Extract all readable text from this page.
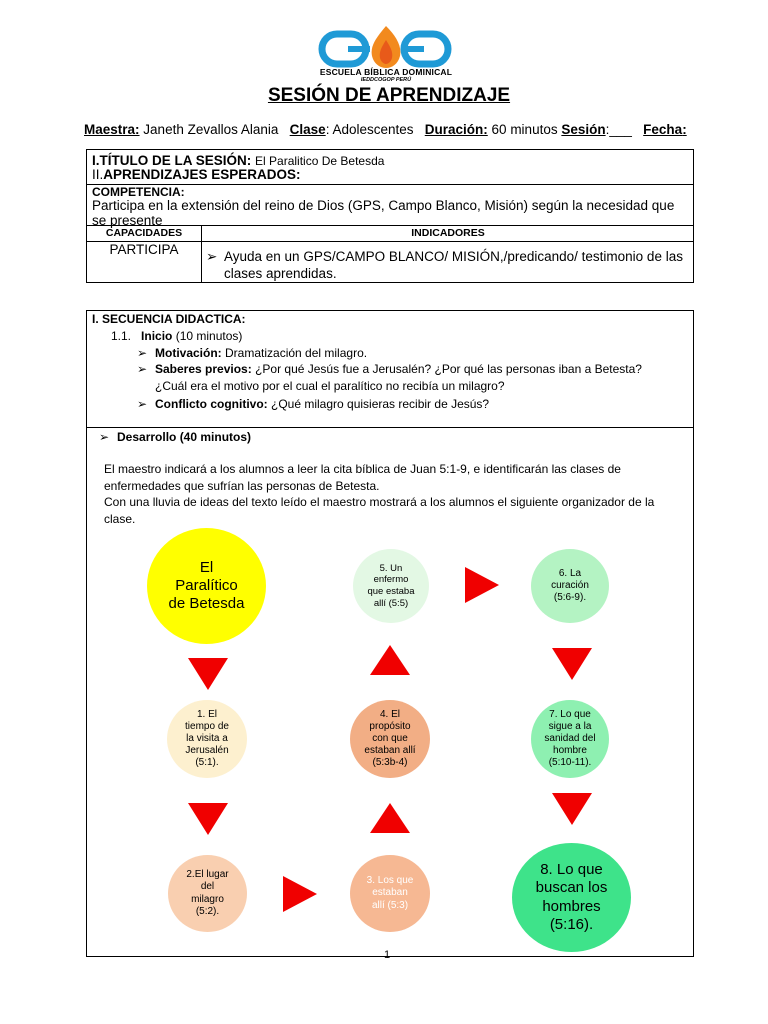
ESCUELA BÍBLICA DOMINICAL
IEDDCOGOP PERÚ
SESIÓN DE APRENDIZAJE
Maestra: Janeth Zevallos Alania Clase: Adolescentes Duración: 60 minutos Sesión:___ Fecha:
I.TÍTULO DE LA SESIÓN: El Paralitico De Betesda
II.APRENDIZAJES ESPERADOS:
COMPETENCIA:
Participa en la extensión del reino de Dios (GPS, Campo Blanco, Misión) según la necesidad que se presente
CAPACIDADES	INDICADORES
PARTICIPA	➢ Ayuda en un GPS/CAMPO BLANCO/ MISIÓN,/predicando/ testimonio de las
clases aprendidas.
I. SECUENCIA DIDACTICA:
1.1. Inicio (10 minutos)
➢ Motivación: Dramatización del milagro.
➢ Saberes previos: ¿Por qué Jesús fue a Jerusalén? ¿Por qué las personas iban a Betesta?
¿Cuál era el motivo por el cual el paralítico no recibía un milagro?
➢ Conflicto cognitivo: ¿Qué milagro quisieras recibir de Jesús?
➢ Desarrollo (40 minutos)
El maestro indicará a los alumnos a leer la cita bíblica de Juan 5:1-9, e identificarán las clases de
enfermedades que sufrían las personas de Betesta.
Con una lluvia de ideas del texto leído el maestro mostrará a los alumnos el siguiente organizador de la
clase.
El
Paralítico
de Betesda
1. El
tiempo de
la visita a
Jerusalén
(5:1).
2.El lugar
del
milagro
(5:2).
3. Los que
estaban
allí (5:3)
4. El
propósito
con que
estaban allí
(5:3b-4)
5. Un
enfermo
que estaba
allí (5:5)
6. La
curación
(5:6-9).
7. Lo que
sigue a la
sanidad del
hombre
(5:10-11).
8. Lo que
buscan los
hombres
(5:16).
1
